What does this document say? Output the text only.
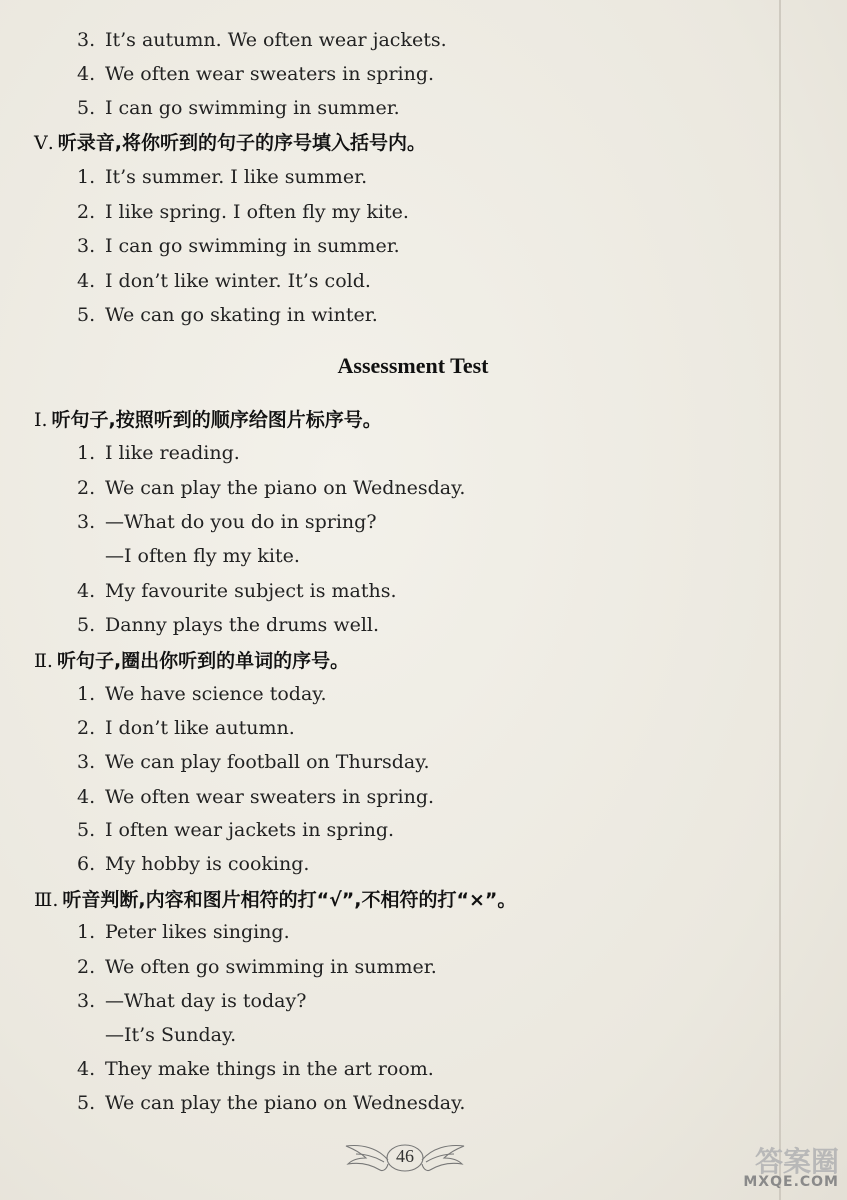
3. It’s autumn. We often wear jackets.
4. We often wear sweaters in spring.
5. I can go swimming in summer.
Ⅴ. 听录音,将你听到的句子的序号填入括号内。
1. It’s summer. I like summer.
2. I like spring. I often fly my kite.
3. I can go swimming in summer.
4. I don’t like winter. It’s cold.
5. We can go skating in winter.
Assessment Test
Ⅰ. 听句子,按照听到的顺序给图片标序号。
1. I like reading.
2. We can play the piano on Wednesday.
3. —What do you do in spring?
—I often fly my kite.
4. My favourite subject is maths.
5. Danny plays the drums well.
Ⅱ. 听句子,圈出你听到的单词的序号。
1. We have science today.
2. I don’t like autumn.
3. We can play football on Thursday.
4. We often wear sweaters in spring.
5. I often wear jackets in spring.
6. My hobby is cooking.
Ⅲ. 听音判断,内容和图片相符的打“√”,不相符的打“×”。
1. Peter likes singing.
2. We often go swimming in summer.
3. —What day is today?
—It’s Sunday.
4. They make things in the art room.
5. We can play the piano on Wednesday.
46	答案圈
MXQE.COM
